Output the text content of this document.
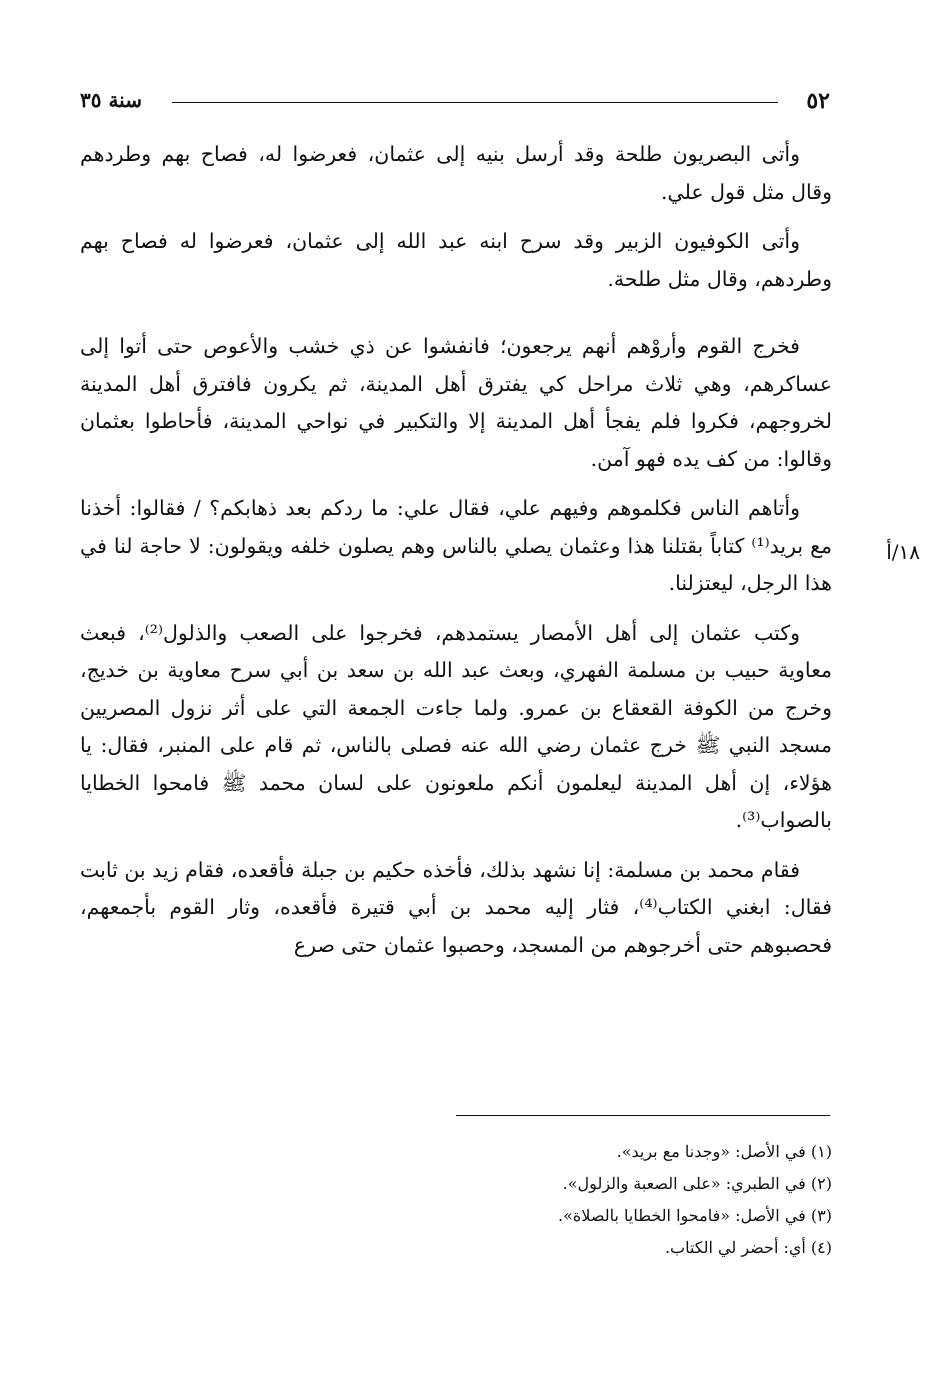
٥٢
سنة ٣٥
١٨/أ

وأتى البصريون طلحة وقد أرسل بنيه إلى عثمان، فعرضوا له، فصاح بهم وطردهم وقال مثل قول علي.

وأتى الكوفيون الزبير وقد سرح ابنه عبد الله إلى عثمان، فعرضوا له فصاح بهم وطردهم، وقال مثل طلحة.

فخرج القوم وأروْهم أنهم يرجعون؛ فانفشوا عن ذي خشب والأعوص حتى أتوا إلى عساكرهم، وهي ثلاث مراحل كي يفترق أهل المدينة، ثم يكرون فافترق أهل المدينة لخروجهم، فكروا فلم يفجأ أهل المدينة إلا والتكبير في نواحي المدينة، فأحاطوا بعثمان وقالوا: من كف يده فهو آمن.

وأتاهم الناس فكلموهم وفيهم علي، فقال علي: ما ردكم بعد ذهابكم؟ / فقالوا: أخذنا مع بريد⁽¹⁾ كتاباً بقتلنا هذا وعثمان يصلي بالناس وهم يصلون خلفه ويقولون: لا حاجة لنا في هذا الرجل، ليعتزلنا.

وكتب عثمان إلى أهل الأمصار يستمدهم، فخرجوا على الصعب والذلول⁽²⁾، فبعث معاوية حبيب بن مسلمة الفهري، وبعث عبد الله بن سعد بن أبي سرح معاوية بن خديج، وخرج من الكوفة القعقاع بن عمرو. ولما جاءت الجمعة التي على أثر نزول المصريين مسجد النبي ﷺ خرج عثمان رضي الله عنه فصلى بالناس، ثم قام على المنبر، فقال: يا هؤلاء، إن أهل المدينة ليعلمون أنكم ملعونون على لسان محمد ﷺ فامحوا الخطايا بالصواب⁽³⁾.

فقام محمد بن مسلمة: إنا نشهد بذلك، فأخذه حكيم بن جبلة فأقعده، فقام زيد بن ثابت فقال: ابغني الكتاب⁽⁴⁾، فثار إليه محمد بن أبي قتيرة فأقعده، وثار القوم بأجمعهم، فحصبوهم حتى أخرجوهم من المسجد، وحصبوا عثمان حتى صرع

(١) في الأصل: «وجدنا مع بريد».
(٢) في الطبري: «على الصعبة والزلول».
(٣) في الأصل: «فامحوا الخطايا بالصلاة».
(٤) أي: أحضر لي الكتاب.
